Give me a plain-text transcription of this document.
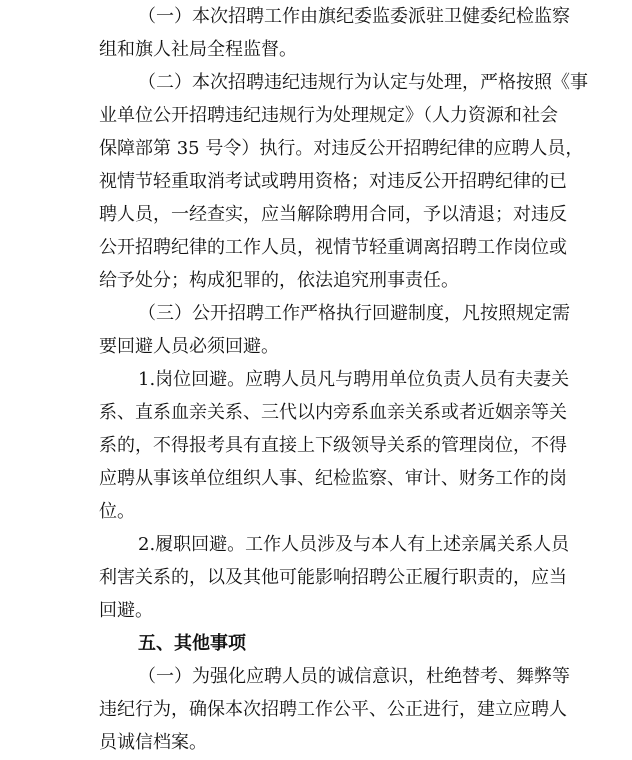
（一）本次招聘工作由旗纪委监委派驻卫健委纪检监察
组和旗人社局全程监督。
（二）本次招聘违纪违规行为认定与处理，严格按照《事
业单位公开招聘违纪违规行为处理规定》（人力资源和社会
保障部第 35 号令）执行。对违反公开招聘纪律的应聘人员，
视情节轻重取消考试或聘用资格；对违反公开招聘纪律的已
聘人员，一经查实，应当解除聘用合同，予以清退；对违反
公开招聘纪律的工作人员，视情节轻重调离招聘工作岗位或
给予处分；构成犯罪的，依法追究刑事责任。
（三）公开招聘工作严格执行回避制度，凡按照规定需
要回避人员必须回避。
1.岗位回避。应聘人员凡与聘用单位负责人员有夫妻关
系、直系血亲关系、三代以内旁系血亲关系或者近姻亲等关
系的，不得报考具有直接上下级领导关系的管理岗位，不得
应聘从事该单位组织人事、纪检监察、审计、财务工作的岗
位。
2.履职回避。工作人员涉及与本人有上述亲属关系人员
利害关系的，以及其他可能影响招聘公正履行职责的，应当
回避。
五、其他事项
（一）为强化应聘人员的诚信意识，杜绝替考、舞弊等
违纪行为，确保本次招聘工作公平、公正进行，建立应聘人
员诚信档案。
